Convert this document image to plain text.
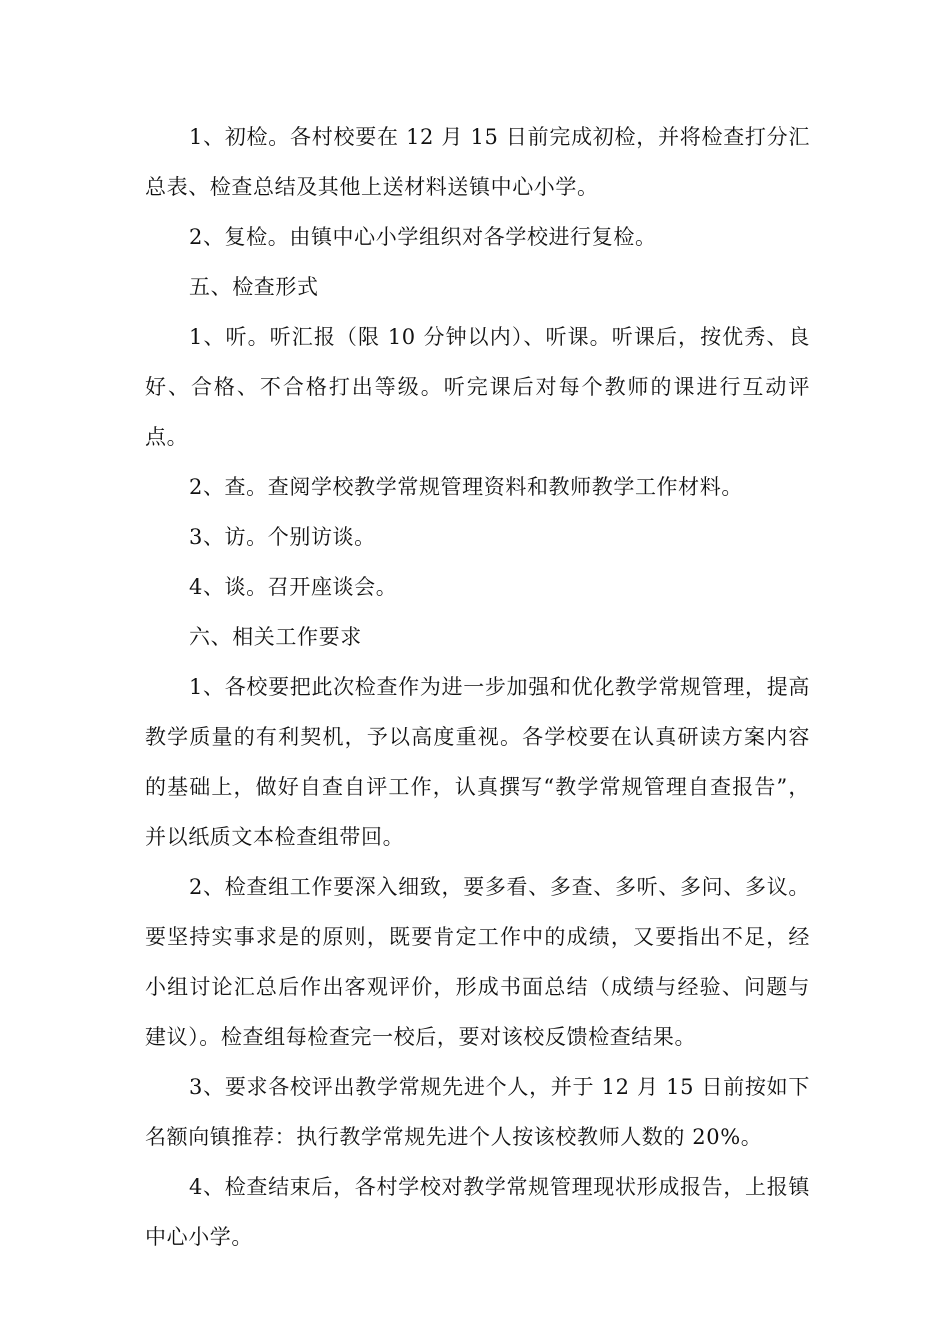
1、初检。各村校要在 12 月 15 日前完成初检，并将检查打分汇总表、检查总结及其他上送材料送镇中心小学。

2、复检。由镇中心小学组织对各学校进行复检。

五、检查形式

1、听。听汇报（限 10 分钟以内）、听课。听课后，按优秀、良好、合格、不合格打出等级。听完课后对每个教师的课进行互动评点。

2、查。查阅学校教学常规管理资料和教师教学工作材料。

3、访。个别访谈。

4、谈。召开座谈会。

六、相关工作要求

1、各校要把此次检查作为进一步加强和优化教学常规管理，提高教学质量的有利契机，予以高度重视。各学校要在认真研读方案内容的基础上，做好自查自评工作，认真撰写“教学常规管理自查报告”，并以纸质文本检查组带回。

2、检查组工作要深入细致，要多看、多查、多听、多问、多议。要坚持实事求是的原则，既要肯定工作中的成绩，又要指出不足，经小组讨论汇总后作出客观评价，形成书面总结（成绩与经验、问题与建议）。检查组每检查完一校后，要对该校反馈检查结果。

3、要求各校评出教学常规先进个人，并于 12 月 15 日前按如下名额向镇推荐：执行教学常规先进个人按该校教师人数的 20%。

4、检查结束后，各村学校对教学常规管理现状形成报告，上报镇中心小学。
